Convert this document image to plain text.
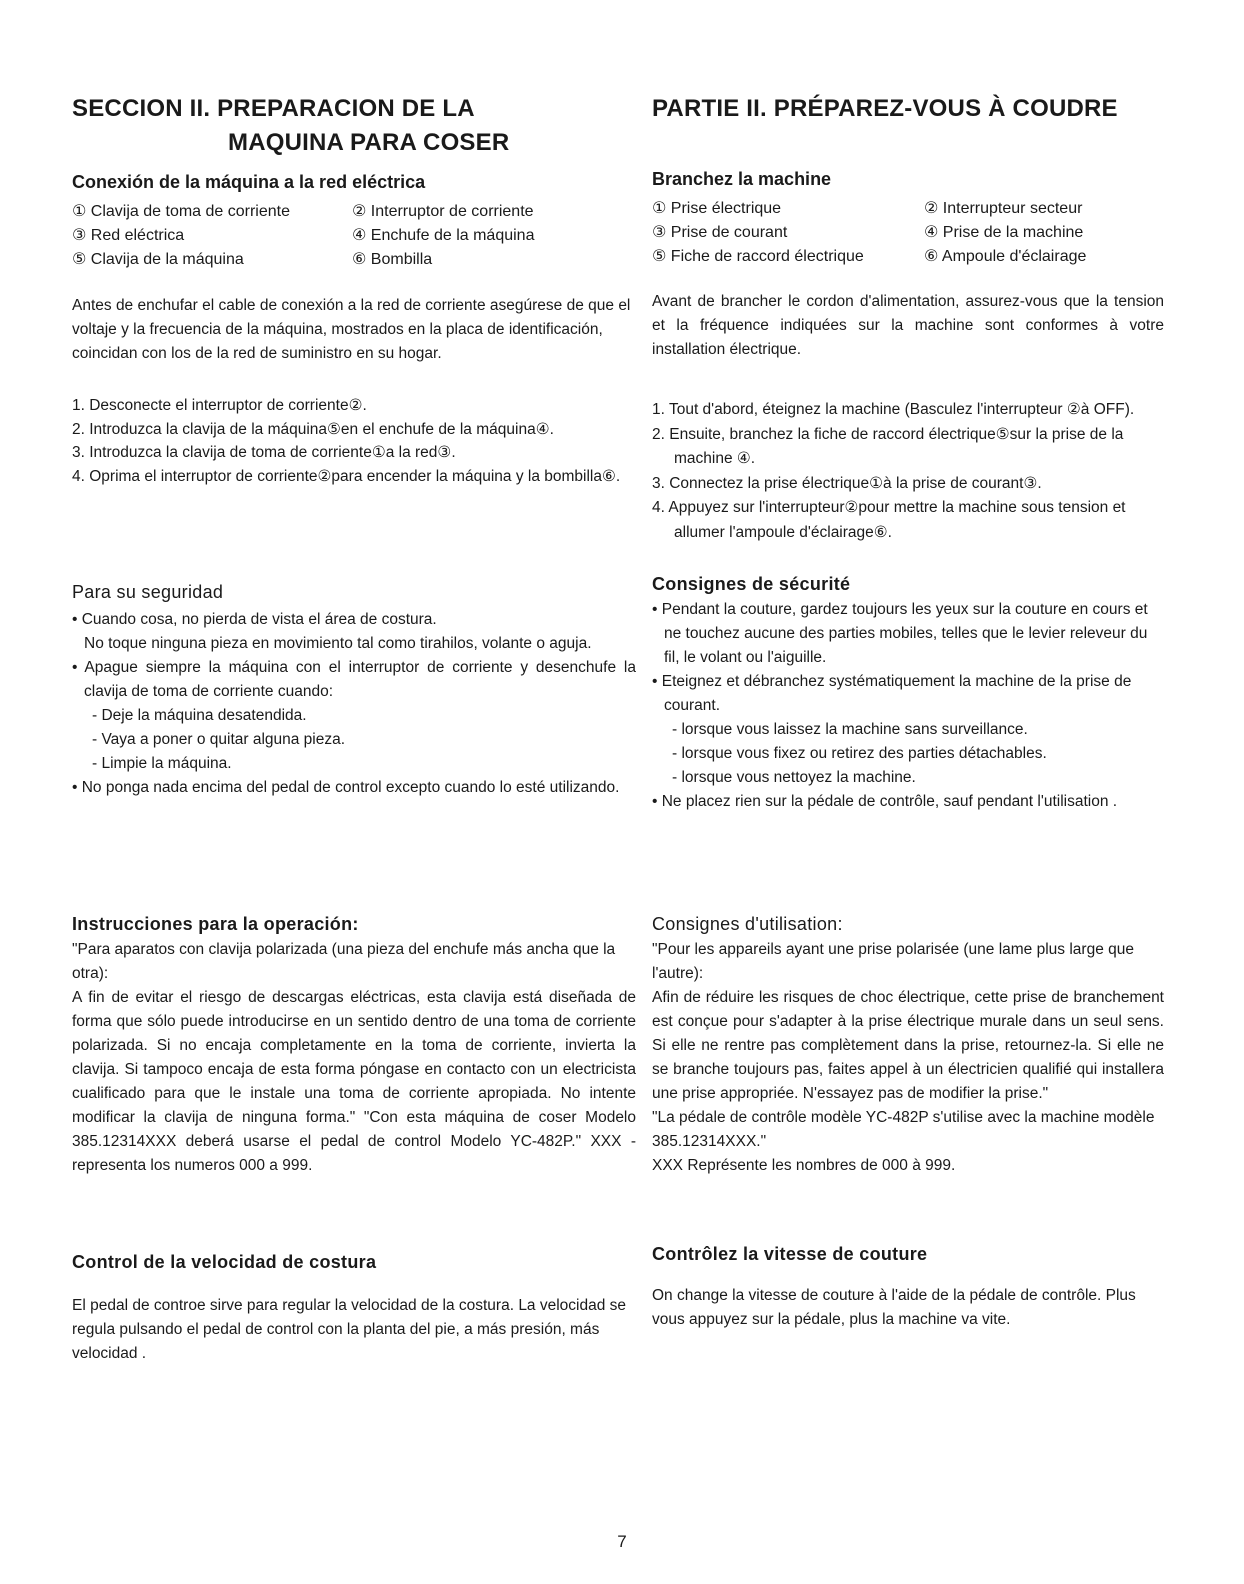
SECCION II. PREPARACION DE LA
MAQUINA PARA COSER
Conexión de la máquina a la red eléctrica
① Clavija de toma de corriente	② Interruptor de corriente
③ Red eléctrica	④ Enchufe de la máquina
⑤ Clavija de la máquina	⑥ Bombilla

Antes de enchufar el cable de conexión a la red de corriente asegúrese de que el voltaje y la frecuencia de la máquina, mostrados en la placa de identificación, coincidan con los de la red de suministro en su hogar.

1. Desconecte el interruptor de corriente②.
2. Introduzca la clavija de la máquina⑤en el enchufe de la máquina④.
3. Introduzca la clavija de toma de corriente①a la red③.
4. Oprima el interruptor de corriente②para encender la máquina y la bombilla⑥.
Para su seguridad
• Cuando cosa, no pierda de vista el área de costura.
No toque ninguna pieza en movimiento tal como tirahilos, volante o aguja.
• Apague siempre la máquina con el interruptor de corriente y desenchufe la clavija de toma de corriente cuando:
- Deje la máquina desatendida.
- Vaya a poner o quitar alguna pieza.
- Limpie la máquina.
• No ponga nada encima del pedal de control excepto cuando lo esté utilizando.
Instrucciones para la operación:

"Para aparatos con clavija polarizada (una pieza del enchufe más ancha que la otra):

A fin de evitar el riesgo de descargas eléctricas, esta clavija está diseñada de forma que sólo puede introducirse en un sentido dentro de una toma de corriente polarizada. Si no encaja completamente en la toma de corriente, invierta la clavija. Si tampoco encaja de esta forma póngase en contacto con un electricista cualificado para que le instale una toma de corriente apropiada. No intente modificar la clavija de ninguna forma." "Con esta máquina de coser Modelo 385.12314XXX deberá usarse el pedal de control Modelo YC-482P." XXX - representa los numeros 000 a 999.

Control de la velocidad de costura

El pedal de controe sirve para regular la velocidad de la costura. La velocidad se regula pulsando el pedal de control con la planta del pie, a más presión, más velocidad .

PARTIE II. PRÉPAREZ-VOUS À COUDRE
Branchez la machine
① Prise électrique	② Interrupteur secteur
③ Prise de courant	④ Prise de la machine
⑤ Fiche de raccord électrique	⑥ Ampoule d'éclairage

Avant de brancher le cordon d'alimentation, assurez-vous que la tension et la fréquence indiquées sur la machine sont conformes à votre installation électrique.

1. Tout d'abord, éteignez la machine (Basculez l'interrupteur ②à OFF).
2. Ensuite, branchez la fiche de raccord électrique⑤sur la prise de la machine ④.
3. Connectez la prise électrique①à la prise de courant③.
4. Appuyez sur l'interrupteur②pour mettre la machine sous tension et allumer l'ampoule d'éclairage⑥.
Consignes de sécurité
• Pendant la couture, gardez toujours les yeux sur la couture en cours et ne touchez aucune des parties mobiles, telles que le levier releveur du fil, le volant ou l'aiguille.
• Eteignez et débranchez systématiquement la machine de la prise de courant.
- lorsque vous laissez la machine sans surveillance.
- lorsque vous fixez ou retirez des parties détachables.
- lorsque vous nettoyez la machine.
• Ne placez rien sur la pédale de contrôle, sauf pendant l'utilisation .
Consignes d'utilisation:

"Pour les appareils ayant une prise polarisée (une lame plus large que l'autre):

Afin de réduire les risques de choc électrique, cette prise de branchement est conçue pour s'adapter à la prise électrique murale dans un seul sens. Si elle ne rentre pas complètement dans la prise, retournez-la. Si elle ne se branche toujours pas, faites appel à un électricien qualifié qui installera une prise appropriée. N'essayez pas de modifier la prise."

"La pédale de contrôle modèle YC-482P s'utilise avec la machine modèle 385.12314XXX."

XXX Représente les nombres de 000 à 999.

Contrôlez la vitesse de couture

On change la vitesse de couture à l'aide de la pédale de contrôle. Plus vous appuyez sur la pédale, plus la machine va vite.

7
